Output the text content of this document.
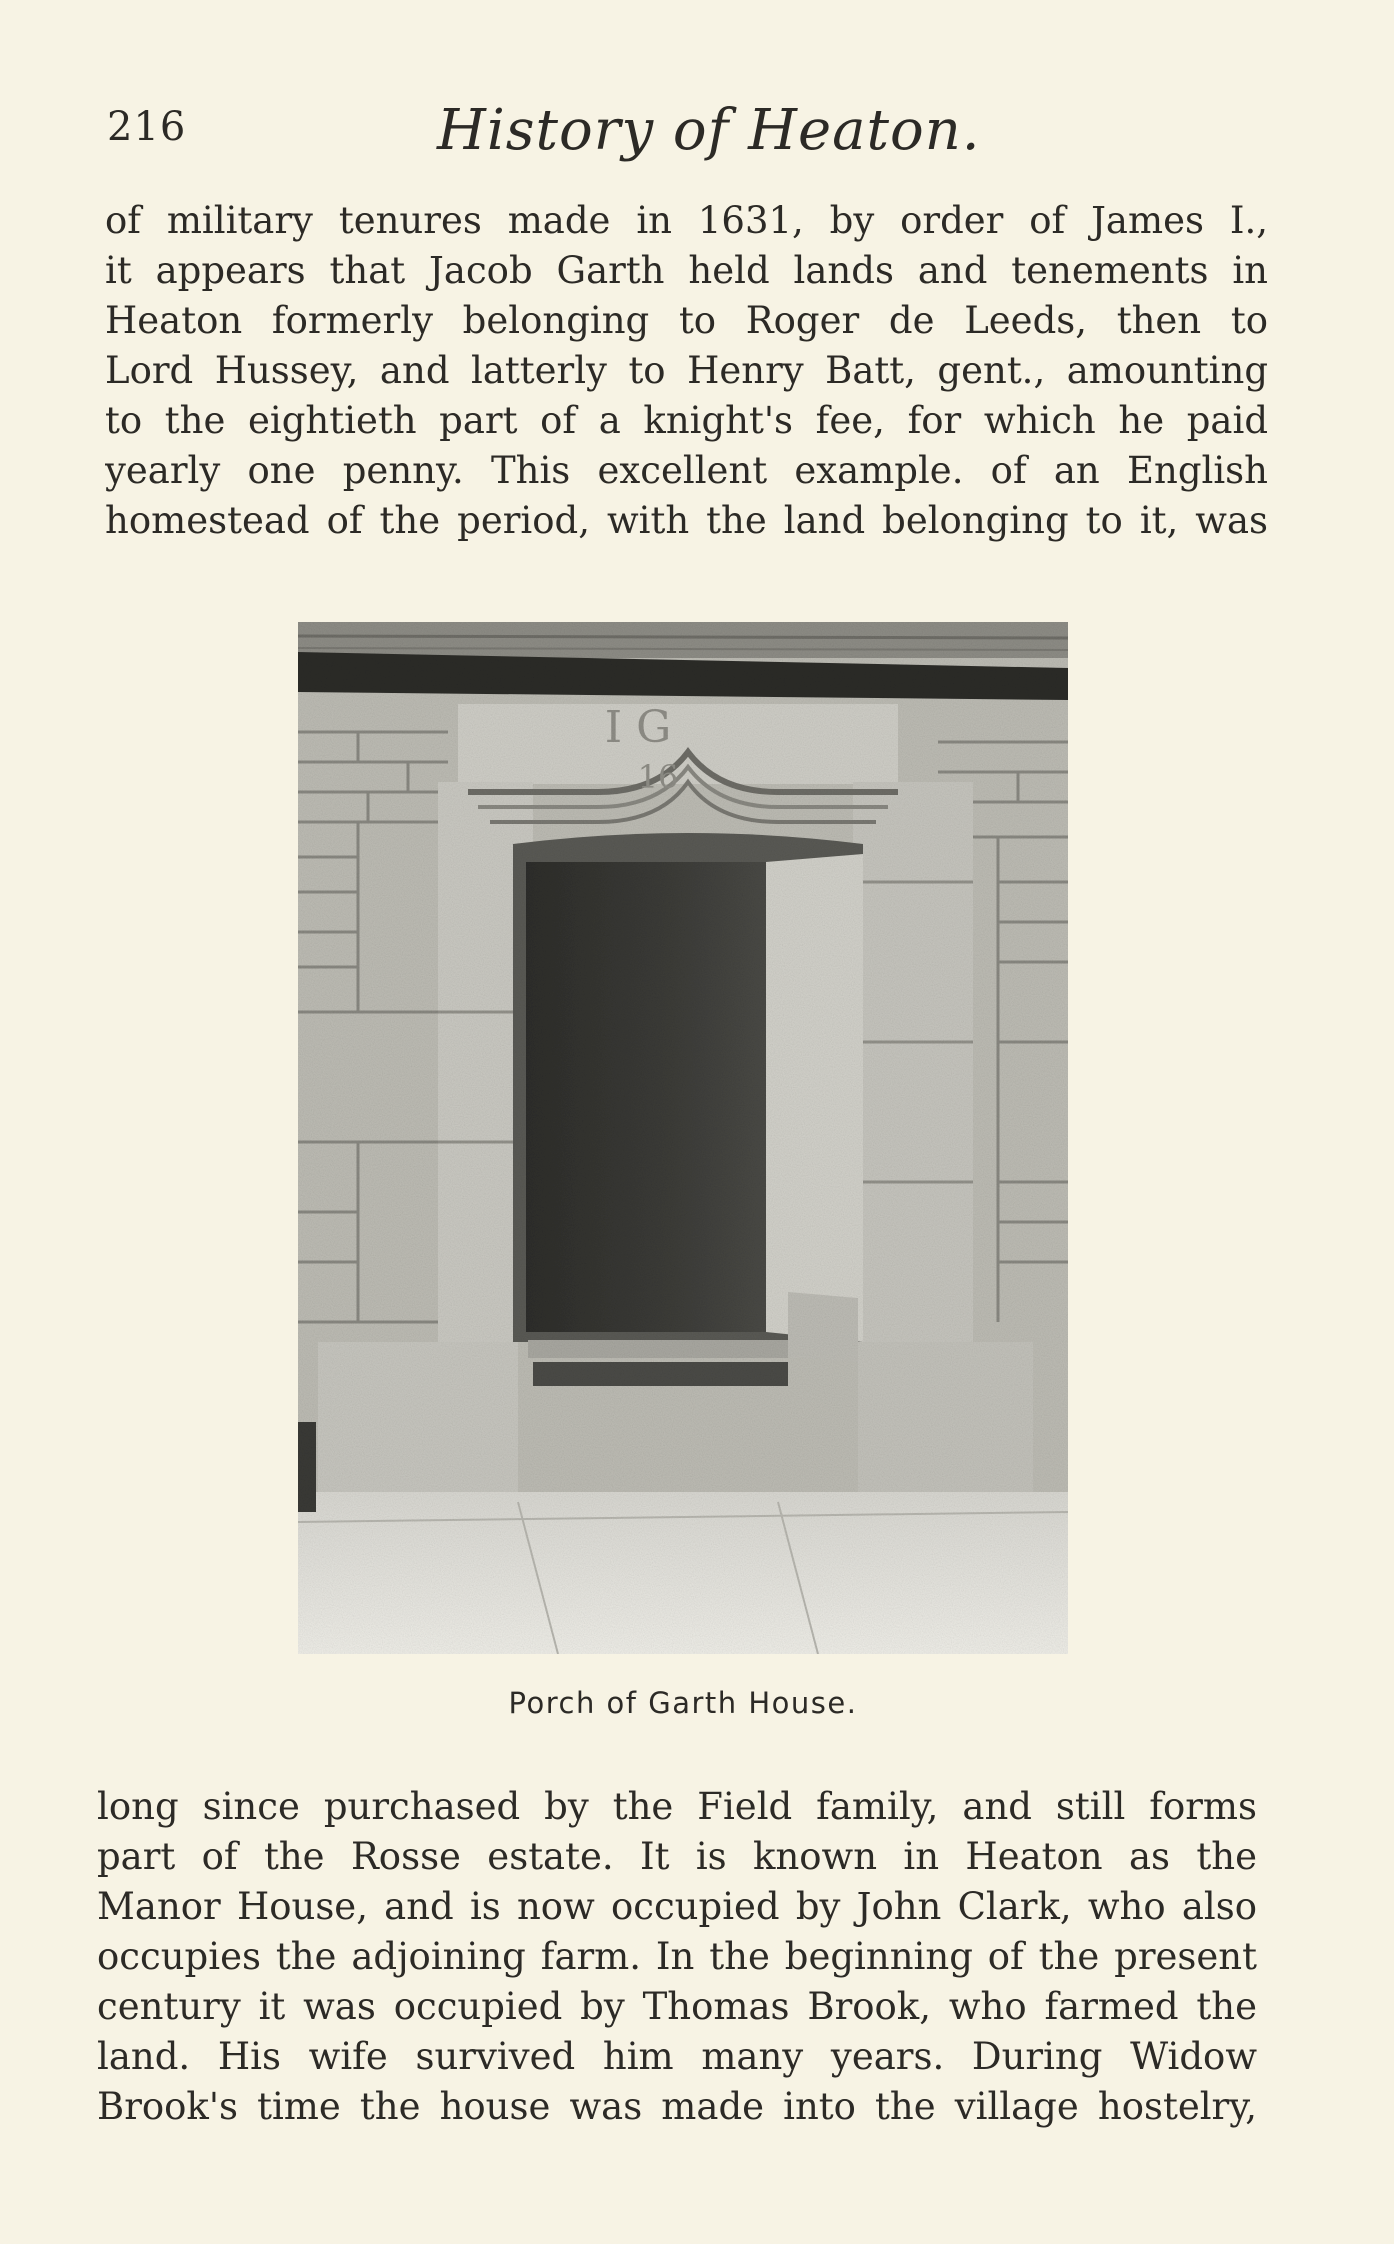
216	History of Heaton.
of military tenures made in 1631, by order of James I.,
it appears that Jacob Garth held lands and tenements in
Heaton formerly belonging to Roger de Leeds, then to
Lord Hussey, and latterly to Henry Batt, gent., amounting
to the eightieth part of a knight's fee, for which he paid
yearly one penny. This excellent example. of an English
homestead of the period, with the land belonging to it, was
I G
16
Porch of Garth House.
long since purchased by the Field family, and still forms
part of the Rosse estate. It is known in Heaton as the
Manor House, and is now occupied by John Clark, who also
occupies the adjoining farm. In the beginning of the present
century it was occupied by Thomas Brook, who farmed the
land. His wife survived him many years. During Widow
Brook's time the house was made into the village hostelry,
